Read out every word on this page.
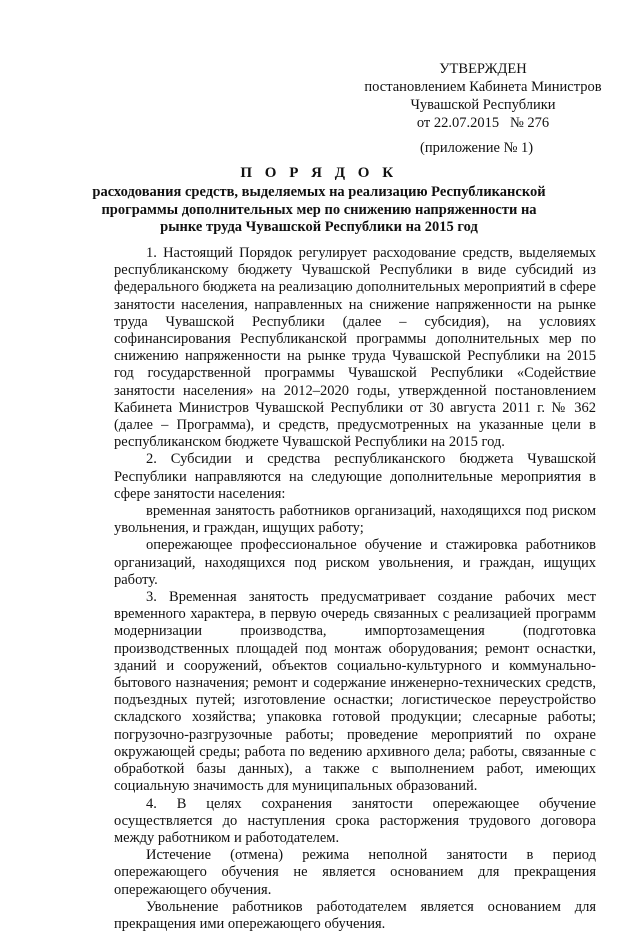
УТВЕРЖДЕН
постановлением Кабинета Министров
Чувашской Республики
от 22.07.2015   № 276
(приложение № 1)
П О Р Я Д О К
расходования средств, выделяемых на реализацию Республиканской программы дополнительных мер по снижению напряженности на рынке труда Чувашской Республики на 2015 год

1. Настоящий Порядок регулирует расходование средств, выделяемых республиканскому бюджету Чувашской Республики в виде субсидий из федерального бюджета на реализацию дополнительных мероприятий в сфере занятости населения, направленных на снижение напряженности на рынке труда Чувашской Республики (далее – субсидия), на условиях софинансирования Республиканской программы дополнительных мер по снижению напряженности на рынке труда Чувашской Республики на 2015 год государственной программы Чувашской Республики «Содействие занятости населения» на 2012–2020 годы, утвержденной постановлением Кабинета Министров Чувашской Республики от 30 августа 2011 г. № 362 (далее – Программа), и средств, предусмотренных на указанные цели в республиканском бюджете Чувашской Республики на 2015 год.

2. Субсидии и средства республиканского бюджета Чувашской Республики направляются на следующие дополнительные мероприятия в сфере занятости населения:

временная занятость работников организаций, находящихся под риском увольнения, и граждан, ищущих работу;

опережающее профессиональное обучение и стажировка работников организаций, находящихся под риском увольнения, и граждан, ищущих работу.

3. Временная занятость предусматривает создание рабочих мест временного характера, в первую очередь связанных с реализацией программ модернизации производства, импортозамещения (подготовка производственных площадей под монтаж оборудования; ремонт оснастки, зданий и сооружений, объектов социально-культурного и коммунально-бытового назначения; ремонт и содержание инженерно-технических средств, подъездных путей; изготовление оснастки; логистическое переустройство складского хозяйства; упаковка готовой продукции; слесарные работы; погрузочно-разгрузочные работы; проведение мероприятий по охране окружающей среды; работа по ведению архивного дела; работы, связанные с обработкой базы данных), а также с выполнением работ, имеющих социальную значимость для муниципальных образований.

4. В целях сохранения занятости опережающее обучение осуществляется до наступления срока расторжения трудового договора между работником и работодателем.

Истечение (отмена) режима неполной занятости в период опережающего обучения не является основанием для прекращения опережающего обучения.

Увольнение работников работодателем является основанием для прекращения ими опережающего обучения.
